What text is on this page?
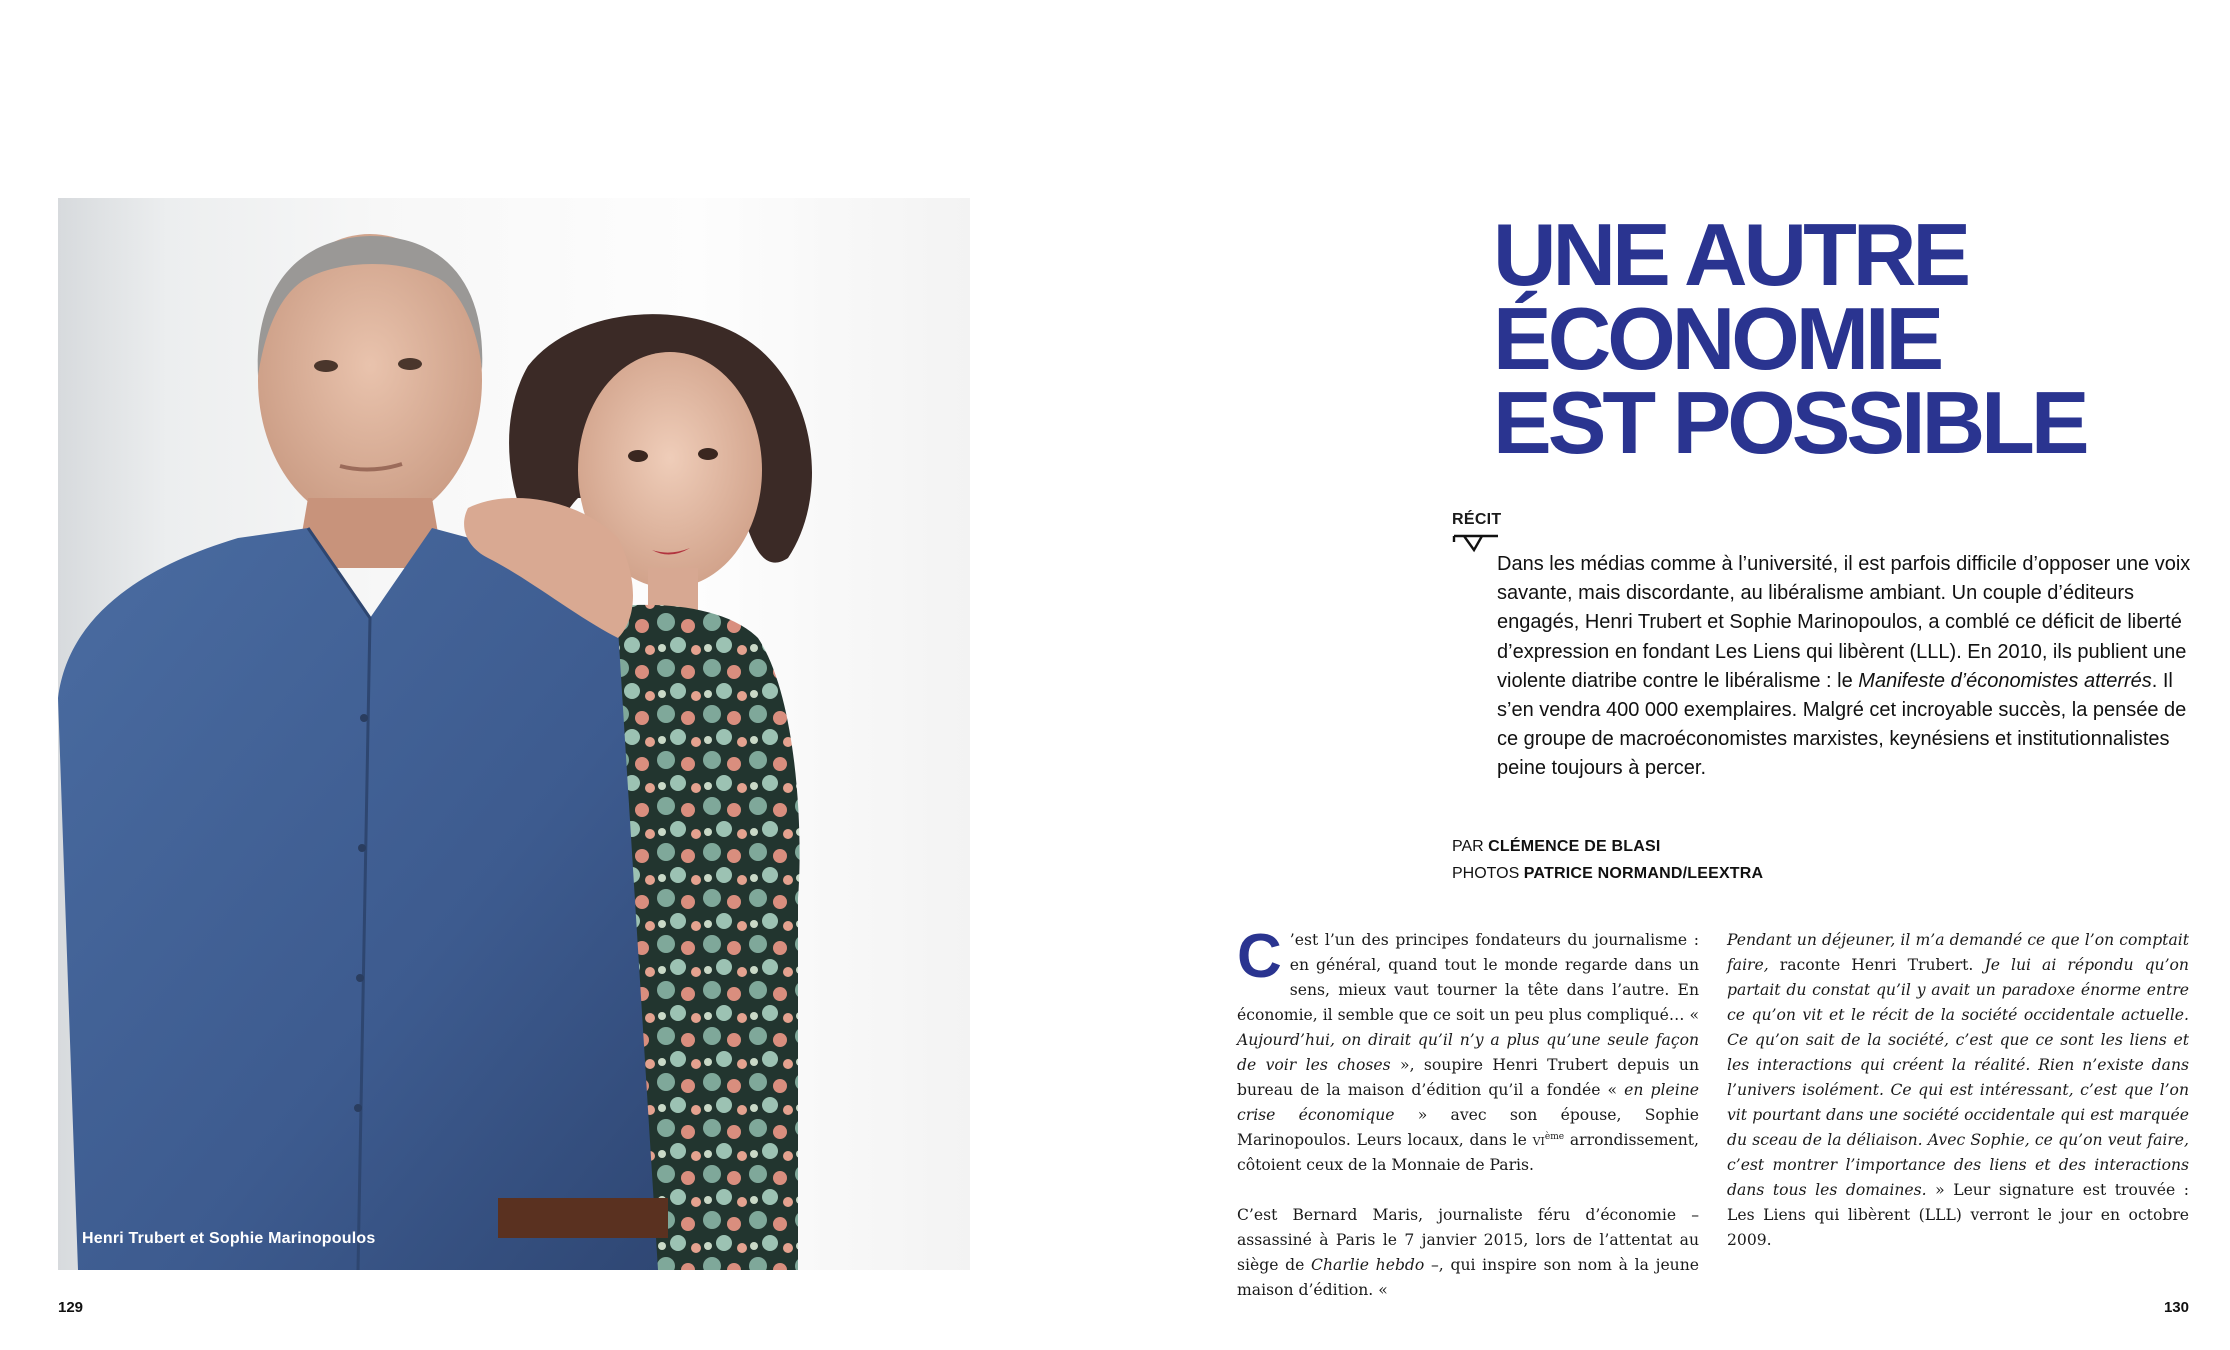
Henri Trubert et Sophie Marinopoulos
129
UNE AUTRE
ÉCONOMIE
EST POSSIBLE
RÉCIT

Dans les médias comme à l’université, il est parfois difficile d’opposer une voix savante, mais discordante, au libéralisme ambiant. Un couple d’éditeurs engagés, Henri Trubert et Sophie Marinopoulos, a comblé ce déficit de liberté d’expression en fondant Les Liens qui libèrent (LLL). En 2010, ils publient une violente diatribe contre le libéralisme : le Manifeste d’économistes atterrés. Il s’en vendra 400 000 exemplaires. Malgré cet incroyable succès, la pensée de ce groupe de macroéconomistes marxistes, keynésiens et institutionnalistes peine toujours à percer.

PAR CLÉMENCE DE BLASI
PHOTOS PATRICE NORMAND/LEEXTRA

C ’est l’un des principes fondateurs du journalisme : en général, quand tout le monde regarde dans un sens, mieux vaut tourner la tête dans l’autre. En économie, il semble que ce soit un peu plus compliqué… « Aujourd’hui, on dirait qu’il n’y a plus qu’une seule façon de voir les choses », soupire Henri Trubert depuis un bureau de la maison d’édition qu’il a fondée « en pleine crise économique » avec son épouse, Sophie Marinopoulos. Leurs locaux, dans le $vi^{ème}$ arrondissement, côtoient ceux de la Monnaie de Paris.

C’est Bernard Maris, journaliste féru d’économie – assassiné à Paris le 7 janvier 2015, lors de l’attentat au siège de Charlie hebdo –, qui inspire son nom à la jeune maison d’édition. «

Pendant un déjeuner, il m’a demandé ce que l’on comptait faire, raconte Henri Trubert. Je lui ai répondu qu’on partait du constat qu’il y avait un paradoxe énorme entre ce qu’on vit et le récit de la société occidentale actuelle. Ce qu’on sait de la société, c’est que ce sont les liens et les interactions qui créent la réalité. Rien n’existe dans l’univers isolément. Ce qui est intéressant, c’est que l’on vit pourtant dans une société occidentale qui est marquée du sceau de la déliaison. Avec Sophie, ce qu’on veut faire, c’est montrer l’importance des liens et des interactions dans tous les domaines. » Leur signature est trouvée : Les Liens qui libèrent (LLL) verront le jour en octobre 2009.

130
